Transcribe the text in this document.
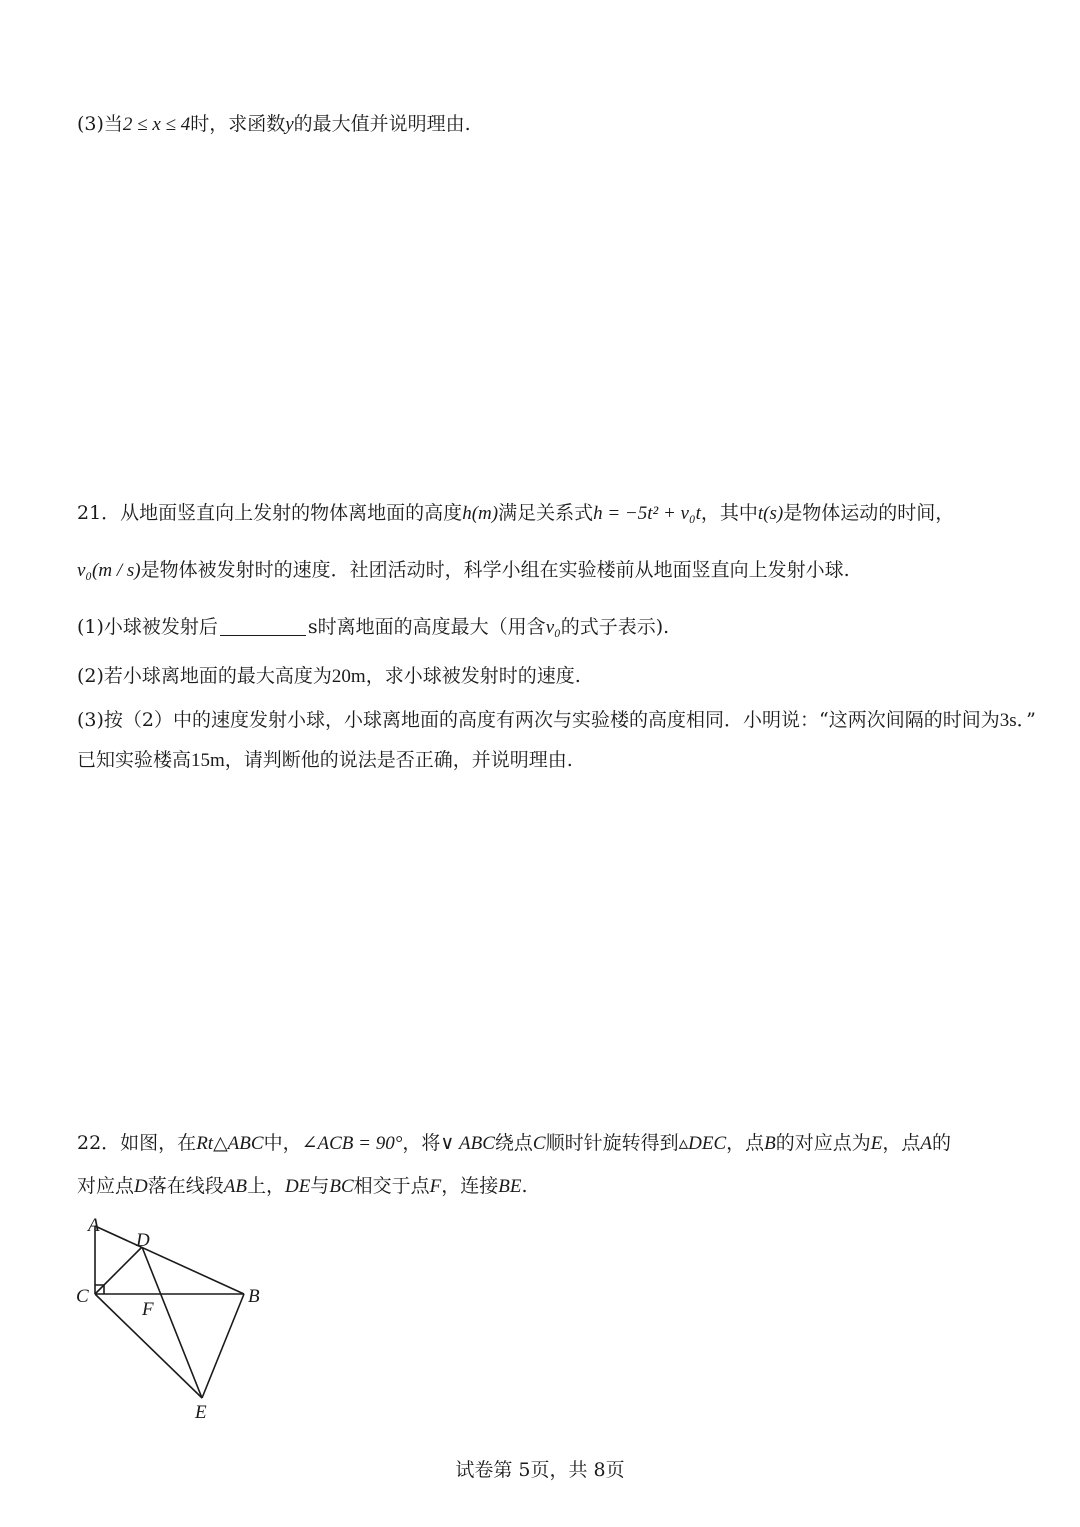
(3)当2 ≤ x ≤ 4时，求函数y的最大值并说明理由.
21．从地面竖直向上发射的物体离地面的高度h(m)满足关系式h = −5t² + v₀t，其中t(s)是物体运动的时间，
v₀(m / s)是物体被发射时的速度．社团活动时，科学小组在实验楼前从地面竖直向上发射小球.
(1)小球被发射后	s时离地面的高度最大（用含v₀的式子表示).
(2)若小球离地面的最大高度为20m，求小球被发射时的速度.
(3)按（2）中的速度发射小球，小球离地面的高度有两次与实验楼的高度相同．小明说：“这两次间隔的时间为3s．”
已知实验楼高15m，请判断他的说法是否正确，并说明理由.
22．如图，在Rt△ABC中，∠ACB = 90°，将∨ ABC绕点C顺时针旋转得到▵DEC，点B的对应点为E，点A的
对应点D落在线段AB上，DE与BC相交于点F，连接BE.
A
D
C
F
B
E
试卷第 5页，共 8页
